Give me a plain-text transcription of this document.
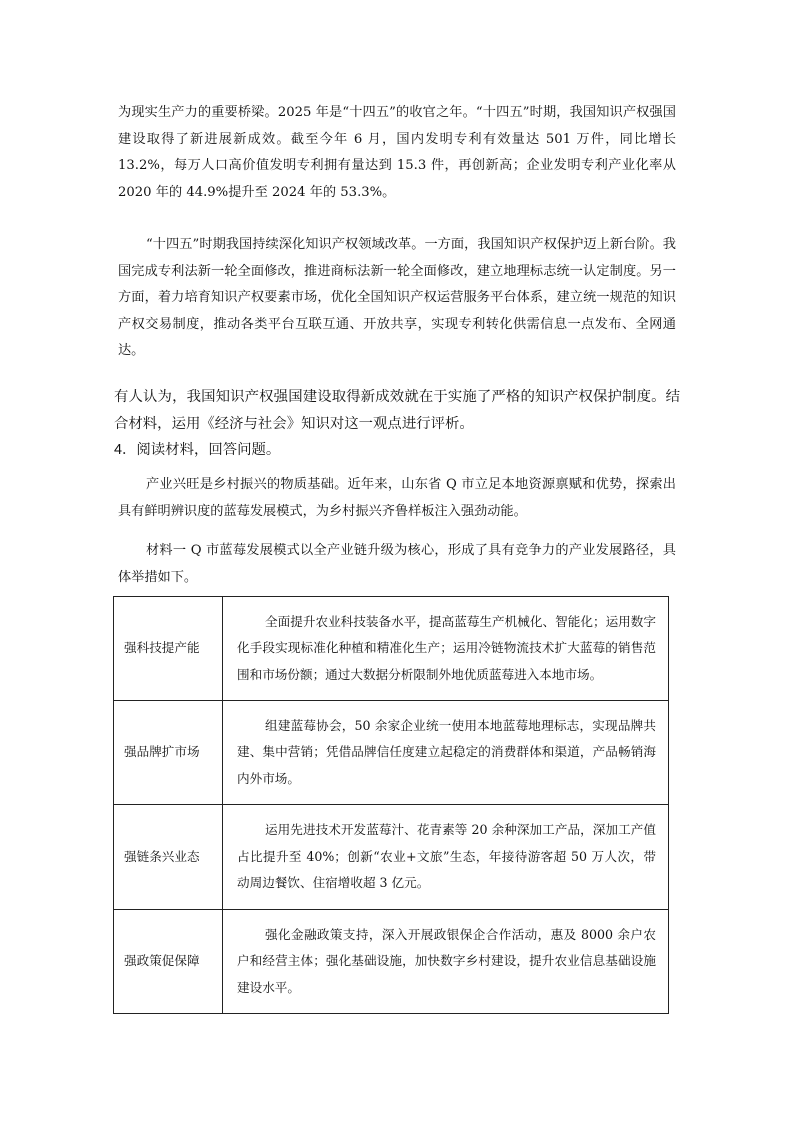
为现实生产力的重要桥梁。2025 年是“十四五”的收官之年。“十四五”时期，我国知识产权强国建设取得了新进展新成效。截至今年 6 月，国内发明专利有效量达 501 万件，同比增长 13.2%，每万人口高价值发明专利拥有量达到 15.3 件，再创新高；企业发明专利产业化率从 2020 年的 44.9%提升至 2024 年的 53.3%。

“十四五”时期我国持续深化知识产权领域改革。一方面，我国知识产权保护迈上新台阶。我国完成专利法新一轮全面修改，推进商标法新一轮全面修改，建立地理标志统一认定制度。另一方面，着力培育知识产权要素市场，优化全国知识产权运营服务平台体系，建立统一规范的知识产权交易制度，推动各类平台互联互通、开放共享，实现专利转化供需信息一点发布、全网通达。

有人认为，我国知识产权强国建设取得新成效就在于实施了严格的知识产权保护制度。结合材料，运用《经济与社会》知识对这一观点进行评析。

4．阅读材料，回答问题。

产业兴旺是乡村振兴的物质基础。近年来，山东省 Q 市立足本地资源禀赋和优势，探索出具有鲜明辨识度的蓝莓发展模式，为乡村振兴齐鲁样板注入强劲动能。

材料一 Q 市蓝莓发展模式以全产业链升级为核心，形成了具有竞争力的产业发展路径，具体举措如下。

强科技提产能	全面提升农业科技装备水平，提高蓝莓生产机械化、智能化；运用数字化手段实现标准化种植和精准化生产；运用冷链物流技术扩大蓝莓的销售范围和市场份额；通过大数据分析限制外地优质蓝莓进入本地市场。

强品牌扩市场	组建蓝莓协会，50 余家企业统一使用本地蓝莓地理标志，实现品牌共建、集中营销；凭借品牌信任度建立起稳定的消费群体和渠道，产品畅销海内外市场。

强链条兴业态	运用先进技术开发蓝莓汁、花青素等 20 余种深加工产品，深加工产值占比提升至 40%；创新“农业+文旅”生态，年接待游客超 50 万人次，带动周边餐饮、住宿增收超 3 亿元。

强政策促保障	强化金融政策支持，深入开展政银保企合作活动，惠及 8000 余户农户和经营主体；强化基础设施，加快数字乡村建设，提升农业信息基础设施建设水平。
